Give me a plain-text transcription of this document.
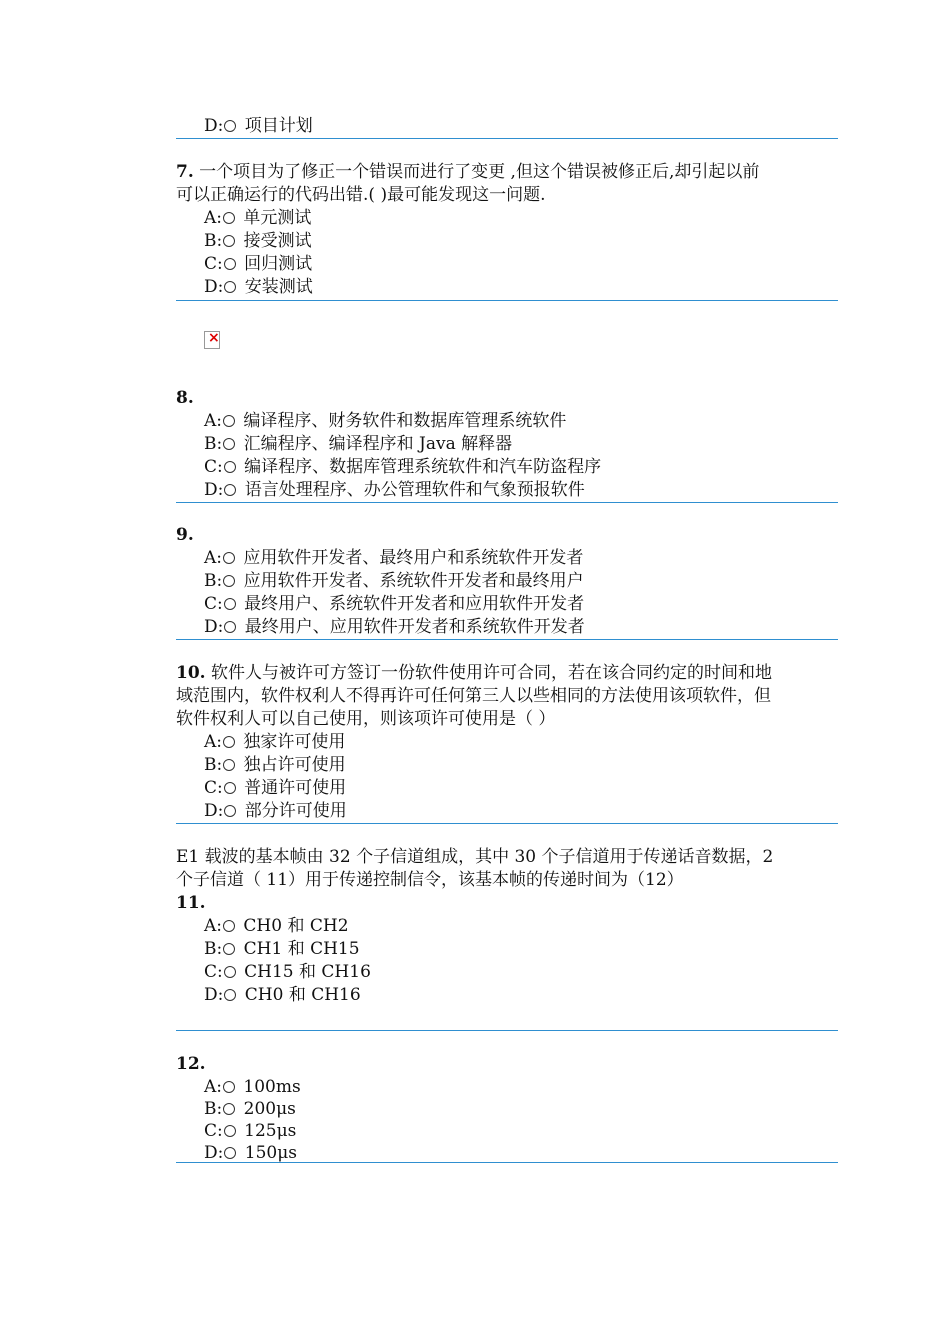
D: 项目计划
7. 一个项目为了修正一个错误而进行了变更 ,但这个错误被修正后,却引起以前可以正确运行的代码出错.( )最可能发现这一问题.
A: 单元测试
B: 接受测试
C: 回归测试
D: 安装测试
×
8.
A: 编译程序、财务软件和数据库管理系统软件
B: 汇编程序、编译程序和 Java 解释器
C: 编译程序、数据库管理系统软件和汽车防盗程序
D: 语言处理程序、办公管理软件和气象预报软件
9.
A: 应用软件开发者、最终用户和系统软件开发者
B: 应用软件开发者、系统软件开发者和最终用户
C: 最终用户、系统软件开发者和应用软件开发者
D: 最终用户、应用软件开发者和系统软件开发者
10. 软件人与被许可方签订一份软件使用许可合同，若在该合同约定的时间和地域范围内，软件权利人不得再许可任何第三人以些相同的方法使用该项软件，但软件权利人可以自己使用，则该项许可使用是（ ）
A: 独家许可使用
B: 独占许可使用
C: 普通许可使用
D: 部分许可使用
E1 载波的基本帧由 32 个子信道组成，其中 30 个子信道用于传递话音数据，2 个子信道（ 11）用于传递控制信令，该基本帧的传递时间为（12）
11.
A: CH0 和 CH2
B: CH1 和 CH15
C: CH15 和 CH16
D: CH0 和 CH16
12.
A: 100ms
B: 200μs
C: 125μs
D: 150μs
